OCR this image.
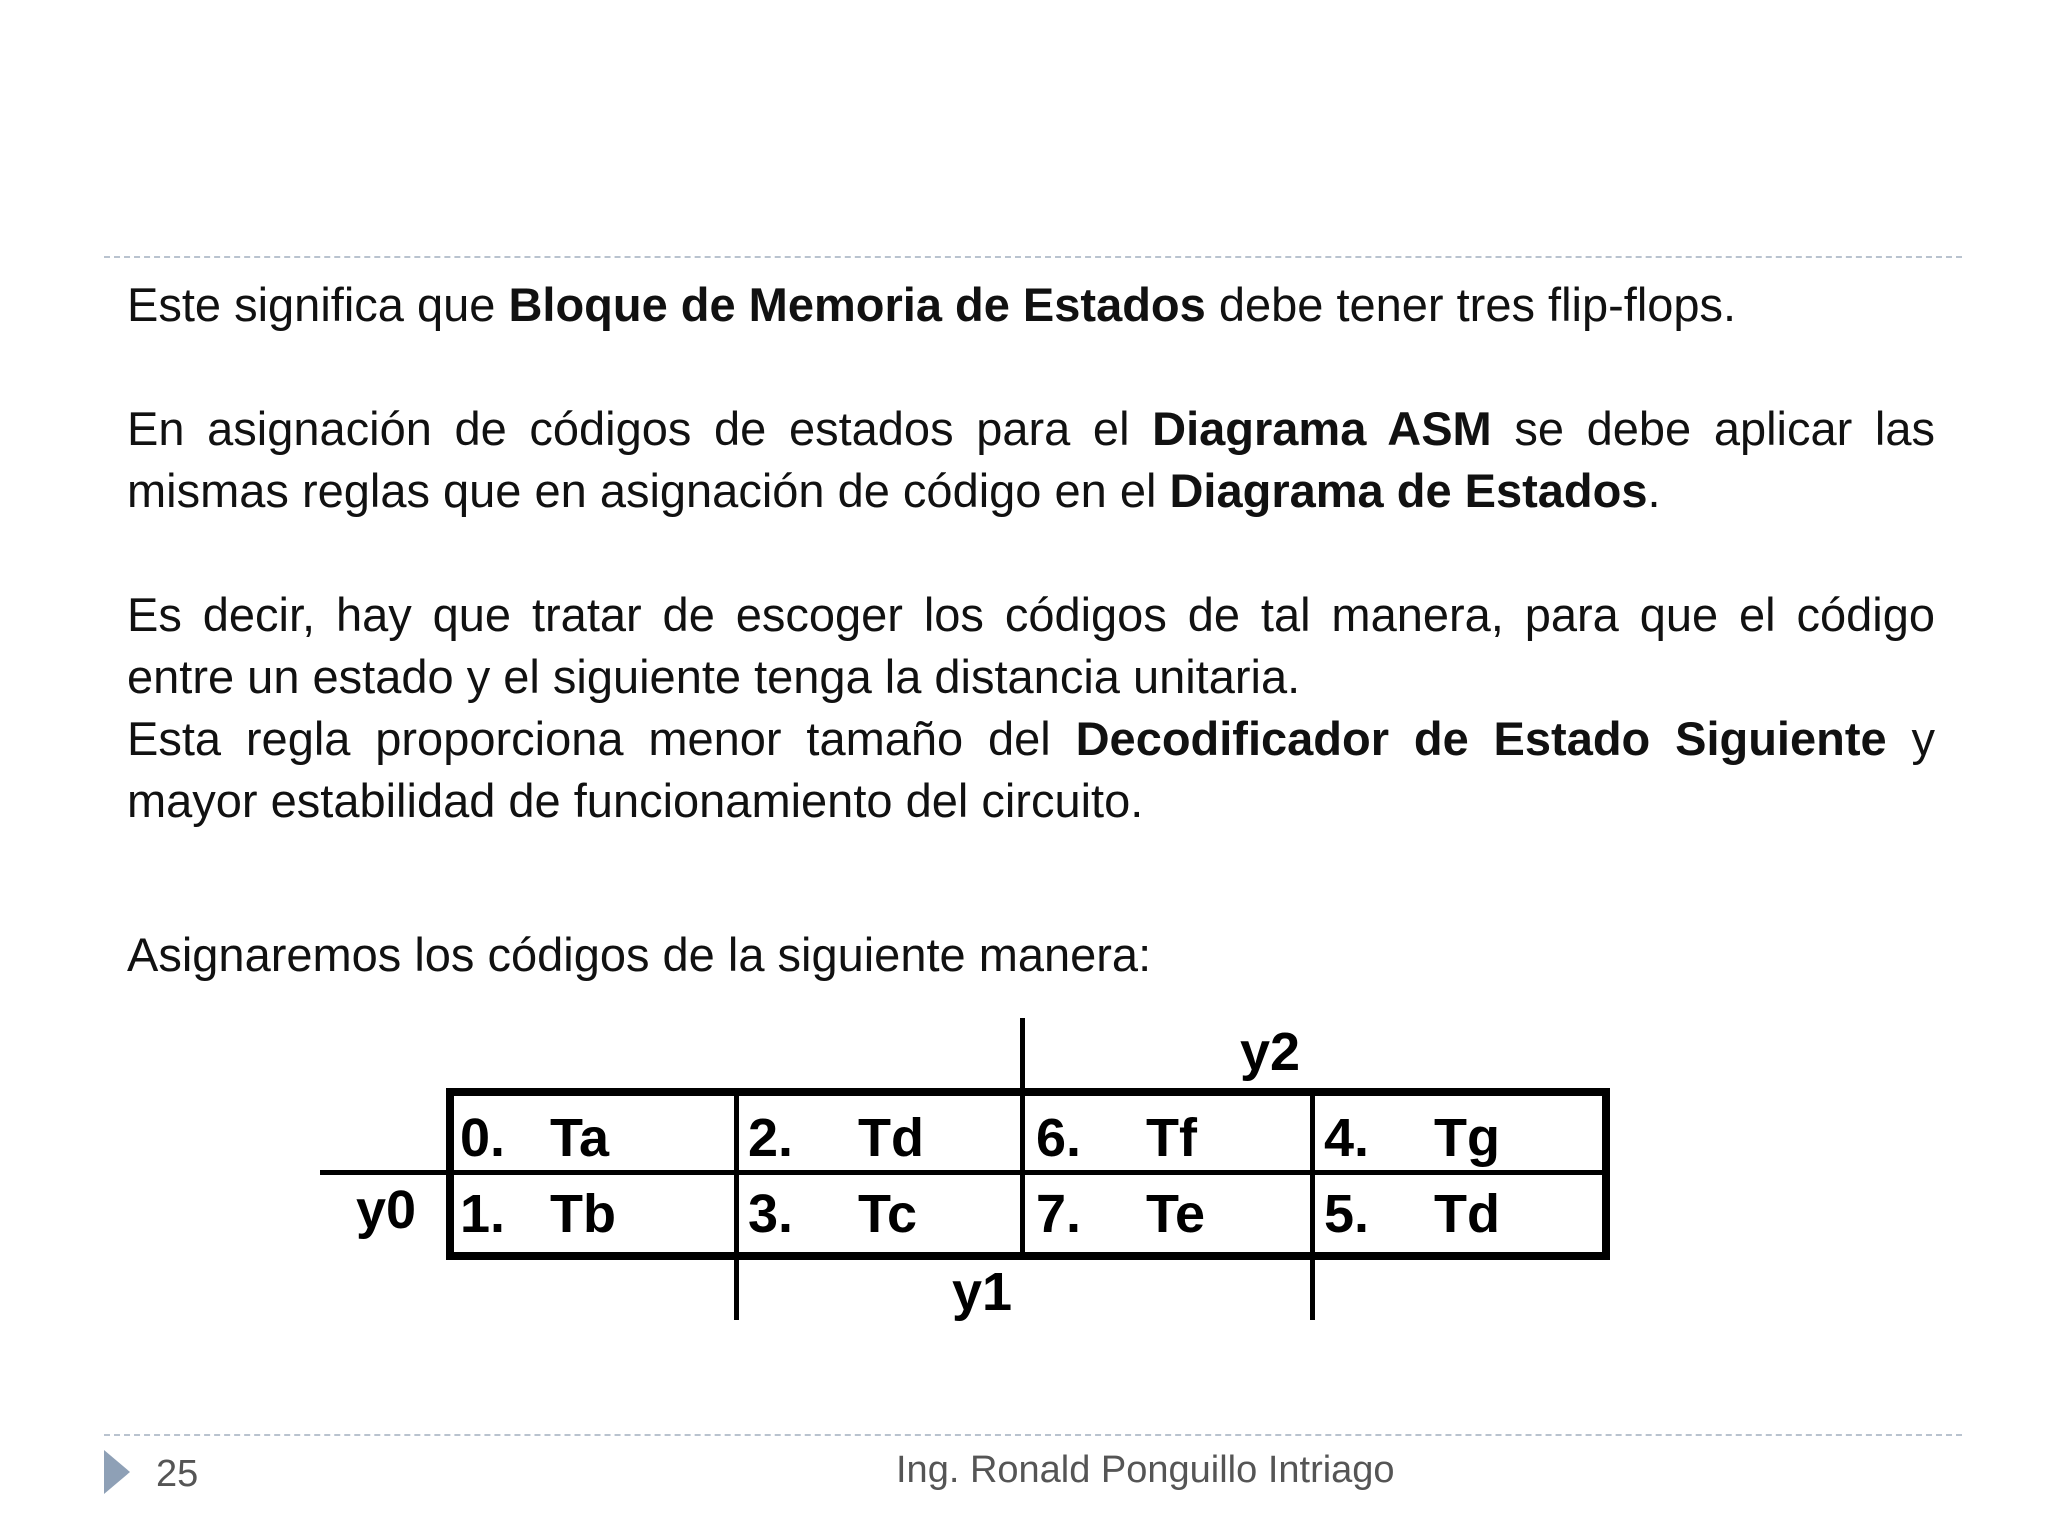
Este significa que Bloque de Memoria de Estados debe tener tres flip-flops.

En asignación de códigos de estados para el Diagrama ASM se debe aplicar las mismas reglas que en asignación de código en el Diagrama de Estados.

Es decir, hay que tratar de escoger los códigos de tal manera, para que el código entre un estado y el siguiente tenga la distancia unitaria.

Esta regla proporciona menor tamaño del Decodificador de Estado Siguiente y mayor estabilidad de funcionamiento del circuito.

Asignaremos los códigos de la siguiente manera:

y2
y0
y1
0. Ta	2. Td 6. Tf 4. Tg
1. Tb 3. Tc 7. Te 5. Td
25	Ing. Ronald Ponguillo Intriago
